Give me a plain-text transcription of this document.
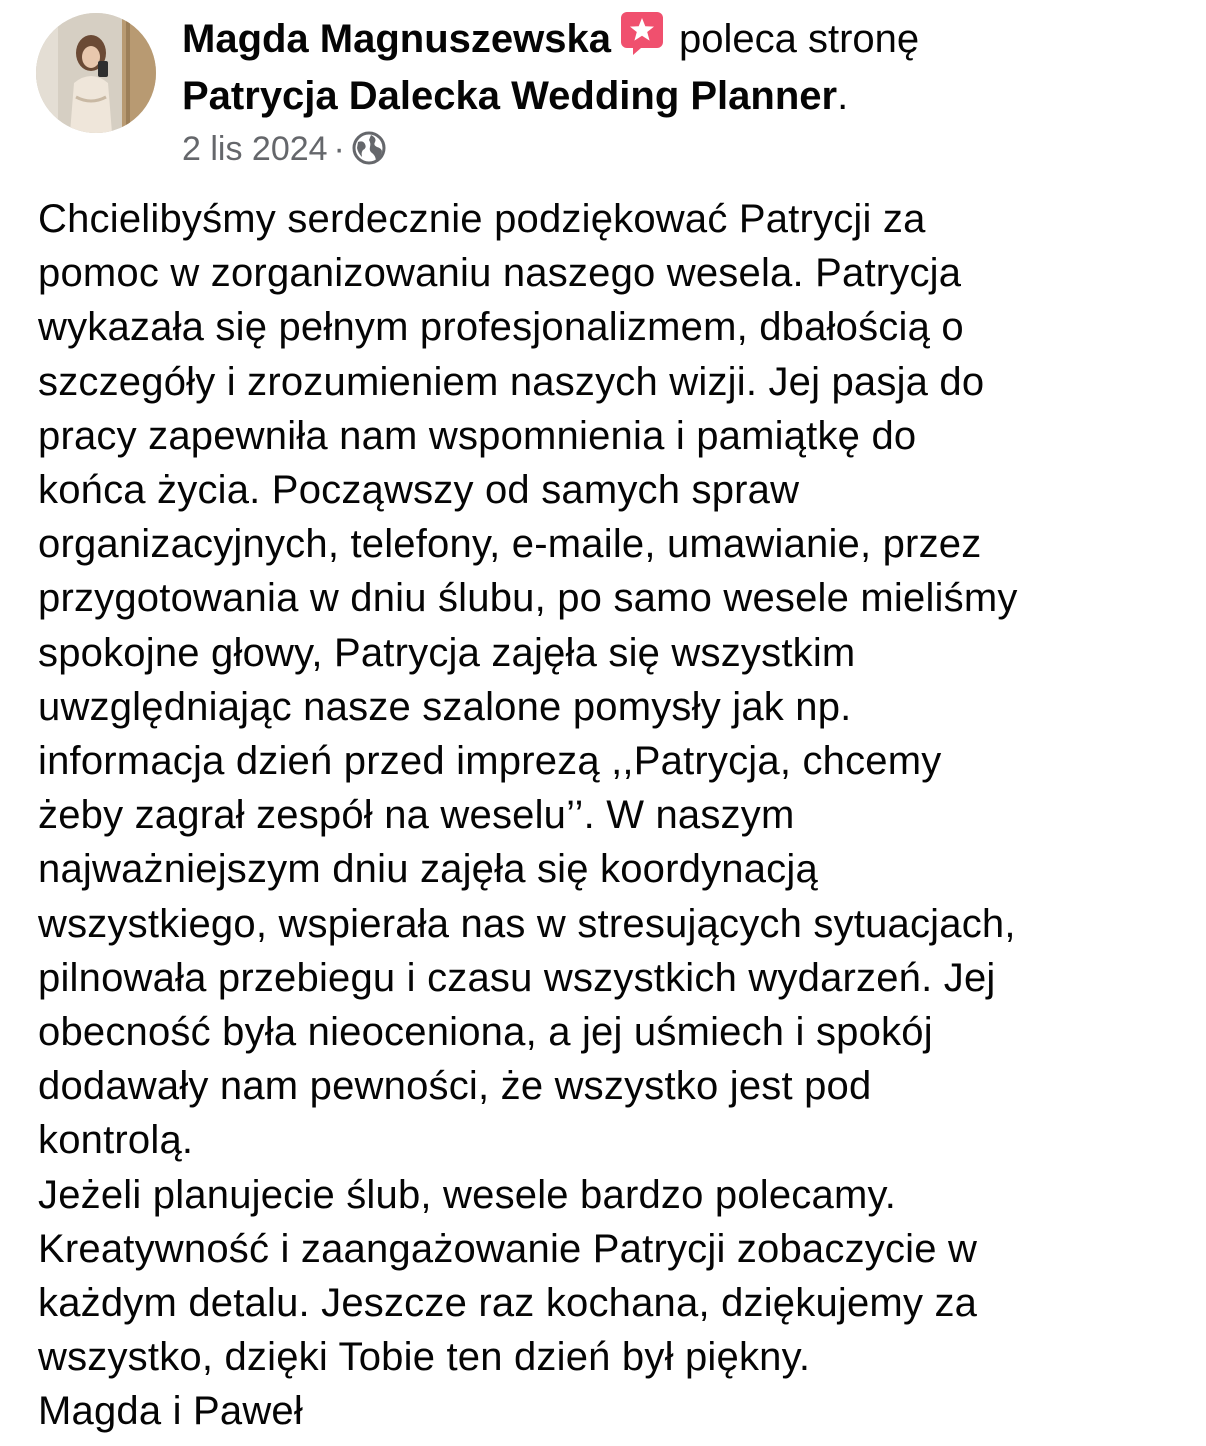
Magda Magnuszewska poleca stronę
Patrycja Dalecka Wedding Planner.
2 lis 2024 ·

Chcielibyśmy serdecznie podziękować Patrycji za

pomoc w zorganizowaniu naszego wesela. Patrycja

wykazała się pełnym profesjonalizmem, dbałością o

szczegóły i zrozumieniem naszych wizji. Jej pasja do

pracy zapewniła nam wspomnienia i pamiątkę do

końca życia. Począwszy od samych spraw

organizacyjnych, telefony, e-maile, umawianie, przez

przygotowania w dniu ślubu, po samo wesele mieliśmy

spokojne głowy, Patrycja zajęła się wszystkim

uwzględniając nasze szalone pomysły jak np.

informacja dzień przed imprezą ,,Patrycja, chcemy

żeby zagrał zespół na weselu’’. W naszym

najważniejszym dniu zajęła się koordynacją

wszystkiego, wspierała nas w stresujących sytuacjach,

pilnowała przebiegu i czasu wszystkich wydarzeń. Jej

obecność była nieoceniona, a jej uśmiech i spokój

dodawały nam pewności, że wszystko jest pod

kontrolą.

Jeżeli planujecie ślub, wesele bardzo polecamy.

Kreatywność i zaangażowanie Patrycji zobaczycie w

każdym detalu. Jeszcze raz kochana, dziękujemy za

wszystko, dzięki Tobie ten dzień był piękny.

Magda i Paweł
